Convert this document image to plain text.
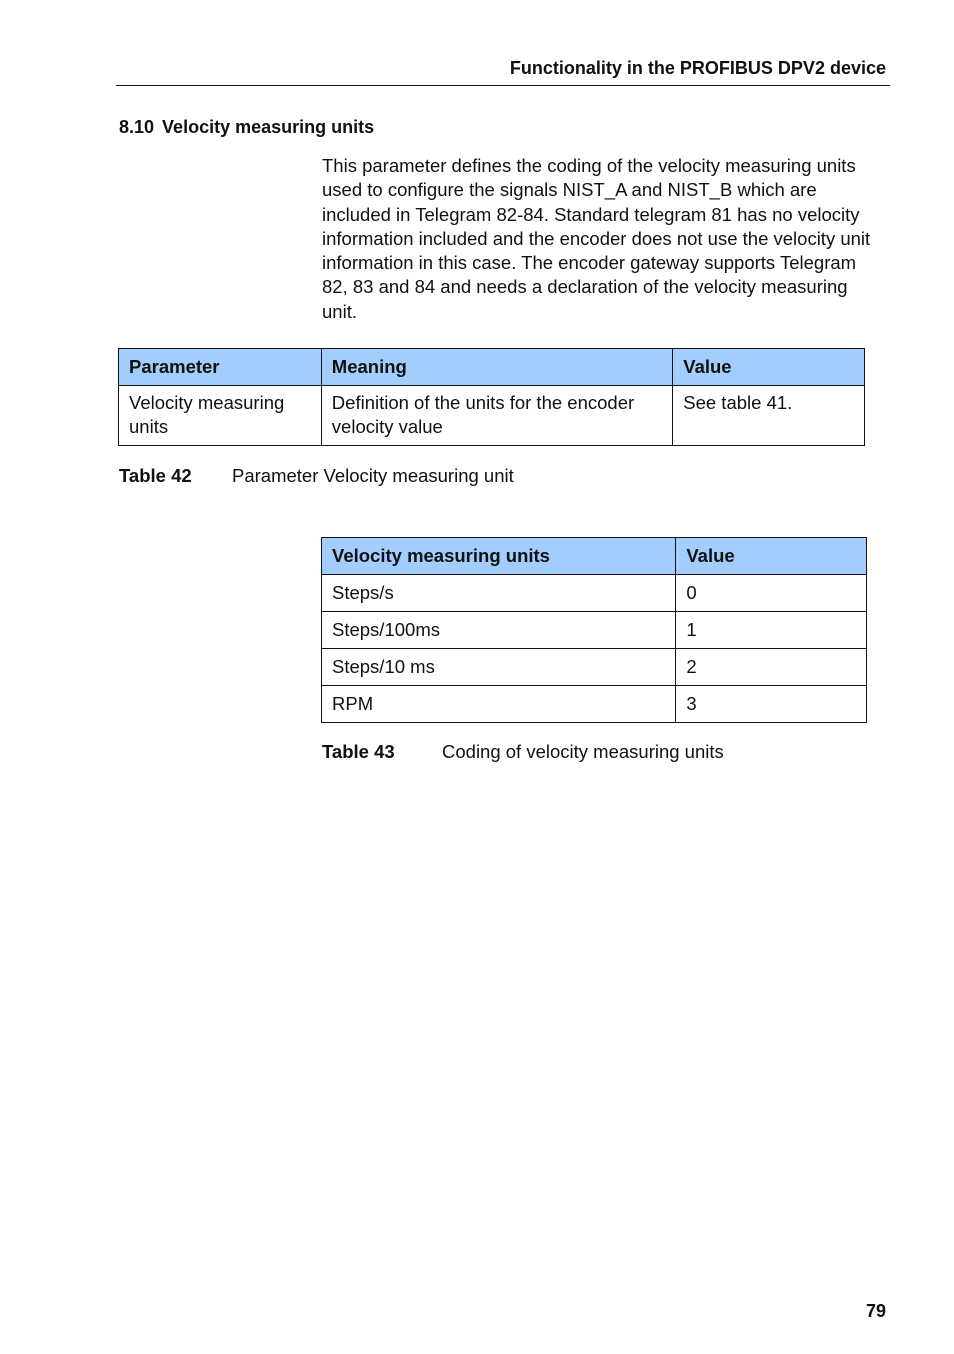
Functionality in the PROFIBUS DPV2 device
8.10 Velocity measuring units

This parameter defines the coding of the velocity measuring units used to configure the signals NIST_A and NIST_B which are included in Telegram 82-84. Standard telegram 81 has no velocity information included and the encoder does not use the velocity unit information in this case. The encoder gateway supports Telegram 82, 83 and 84 and needs a declaration of the velocity measuring unit.

Parameter	Meaning	Value
Velocity measuring units	Definition of the units for the encoder velocity value	See table 41.
Table 42 Parameter Velocity measuring unit
Velocity measuring units	Value
Steps/s	0
Steps/100ms	1
Steps/10 ms	2
RPM	3
Table 43	Coding of velocity measuring units
79
